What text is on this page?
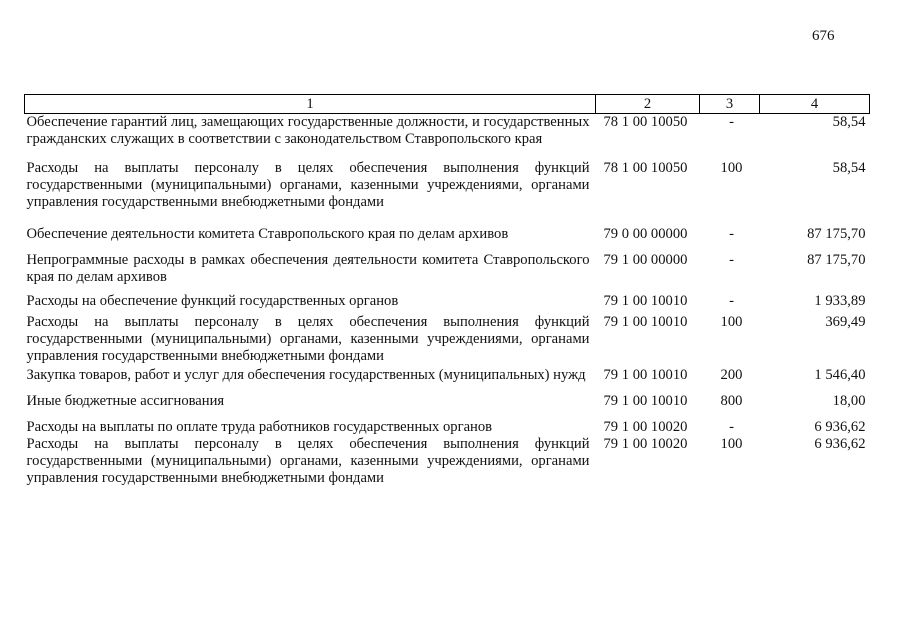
676
1	2	3	4
Обеспечение гарантий лиц, замещающих государственные должности, и государственных гражданских служащих в соответствии с законодательством Ставропольского края	78 1 00 10050	-	58,54
Расходы на выплаты персоналу в целях обеспечения выполнения функций государственными (муниципальными) органами, казенными учреждениями, органами управления государственными внебюджетными фондами	78 1 00 10050	100	58,54
Обеспечение деятельности комитета Ставропольского края по делам архивов	79 0 00 00000	-	87 175,70
Непрограммные расходы в рамках обеспечения деятельности комитета Ставропольского края по делам архивов	79 1 00 00000	-	87 175,70
Расходы на обеспечение функций государственных органов	79 1 00 10010	-	1 933,89
Расходы на выплаты персоналу в целях обеспечения выполнения функций государственными (муниципальными) органами, казенными учреждениями, органами управления государственными внебюджетными фондами	79 1 00 10010	100	369,49
Закупка товаров, работ и услуг для обеспечения государственных (муниципальных) нужд	79 1 00 10010	200	1 546,40
Иные бюджетные ассигнования	79 1 00 10010	800	18,00
Расходы на выплаты по оплате труда работников государственных органов	79 1 00 10020	-	6 936,62
Расходы на выплаты персоналу в целях обеспечения выполнения функций государственными (муниципальными) органами, казенными учреждениями, органами управления государственными внебюджетными фондами	79 1 00 10020	100	6 936,62
